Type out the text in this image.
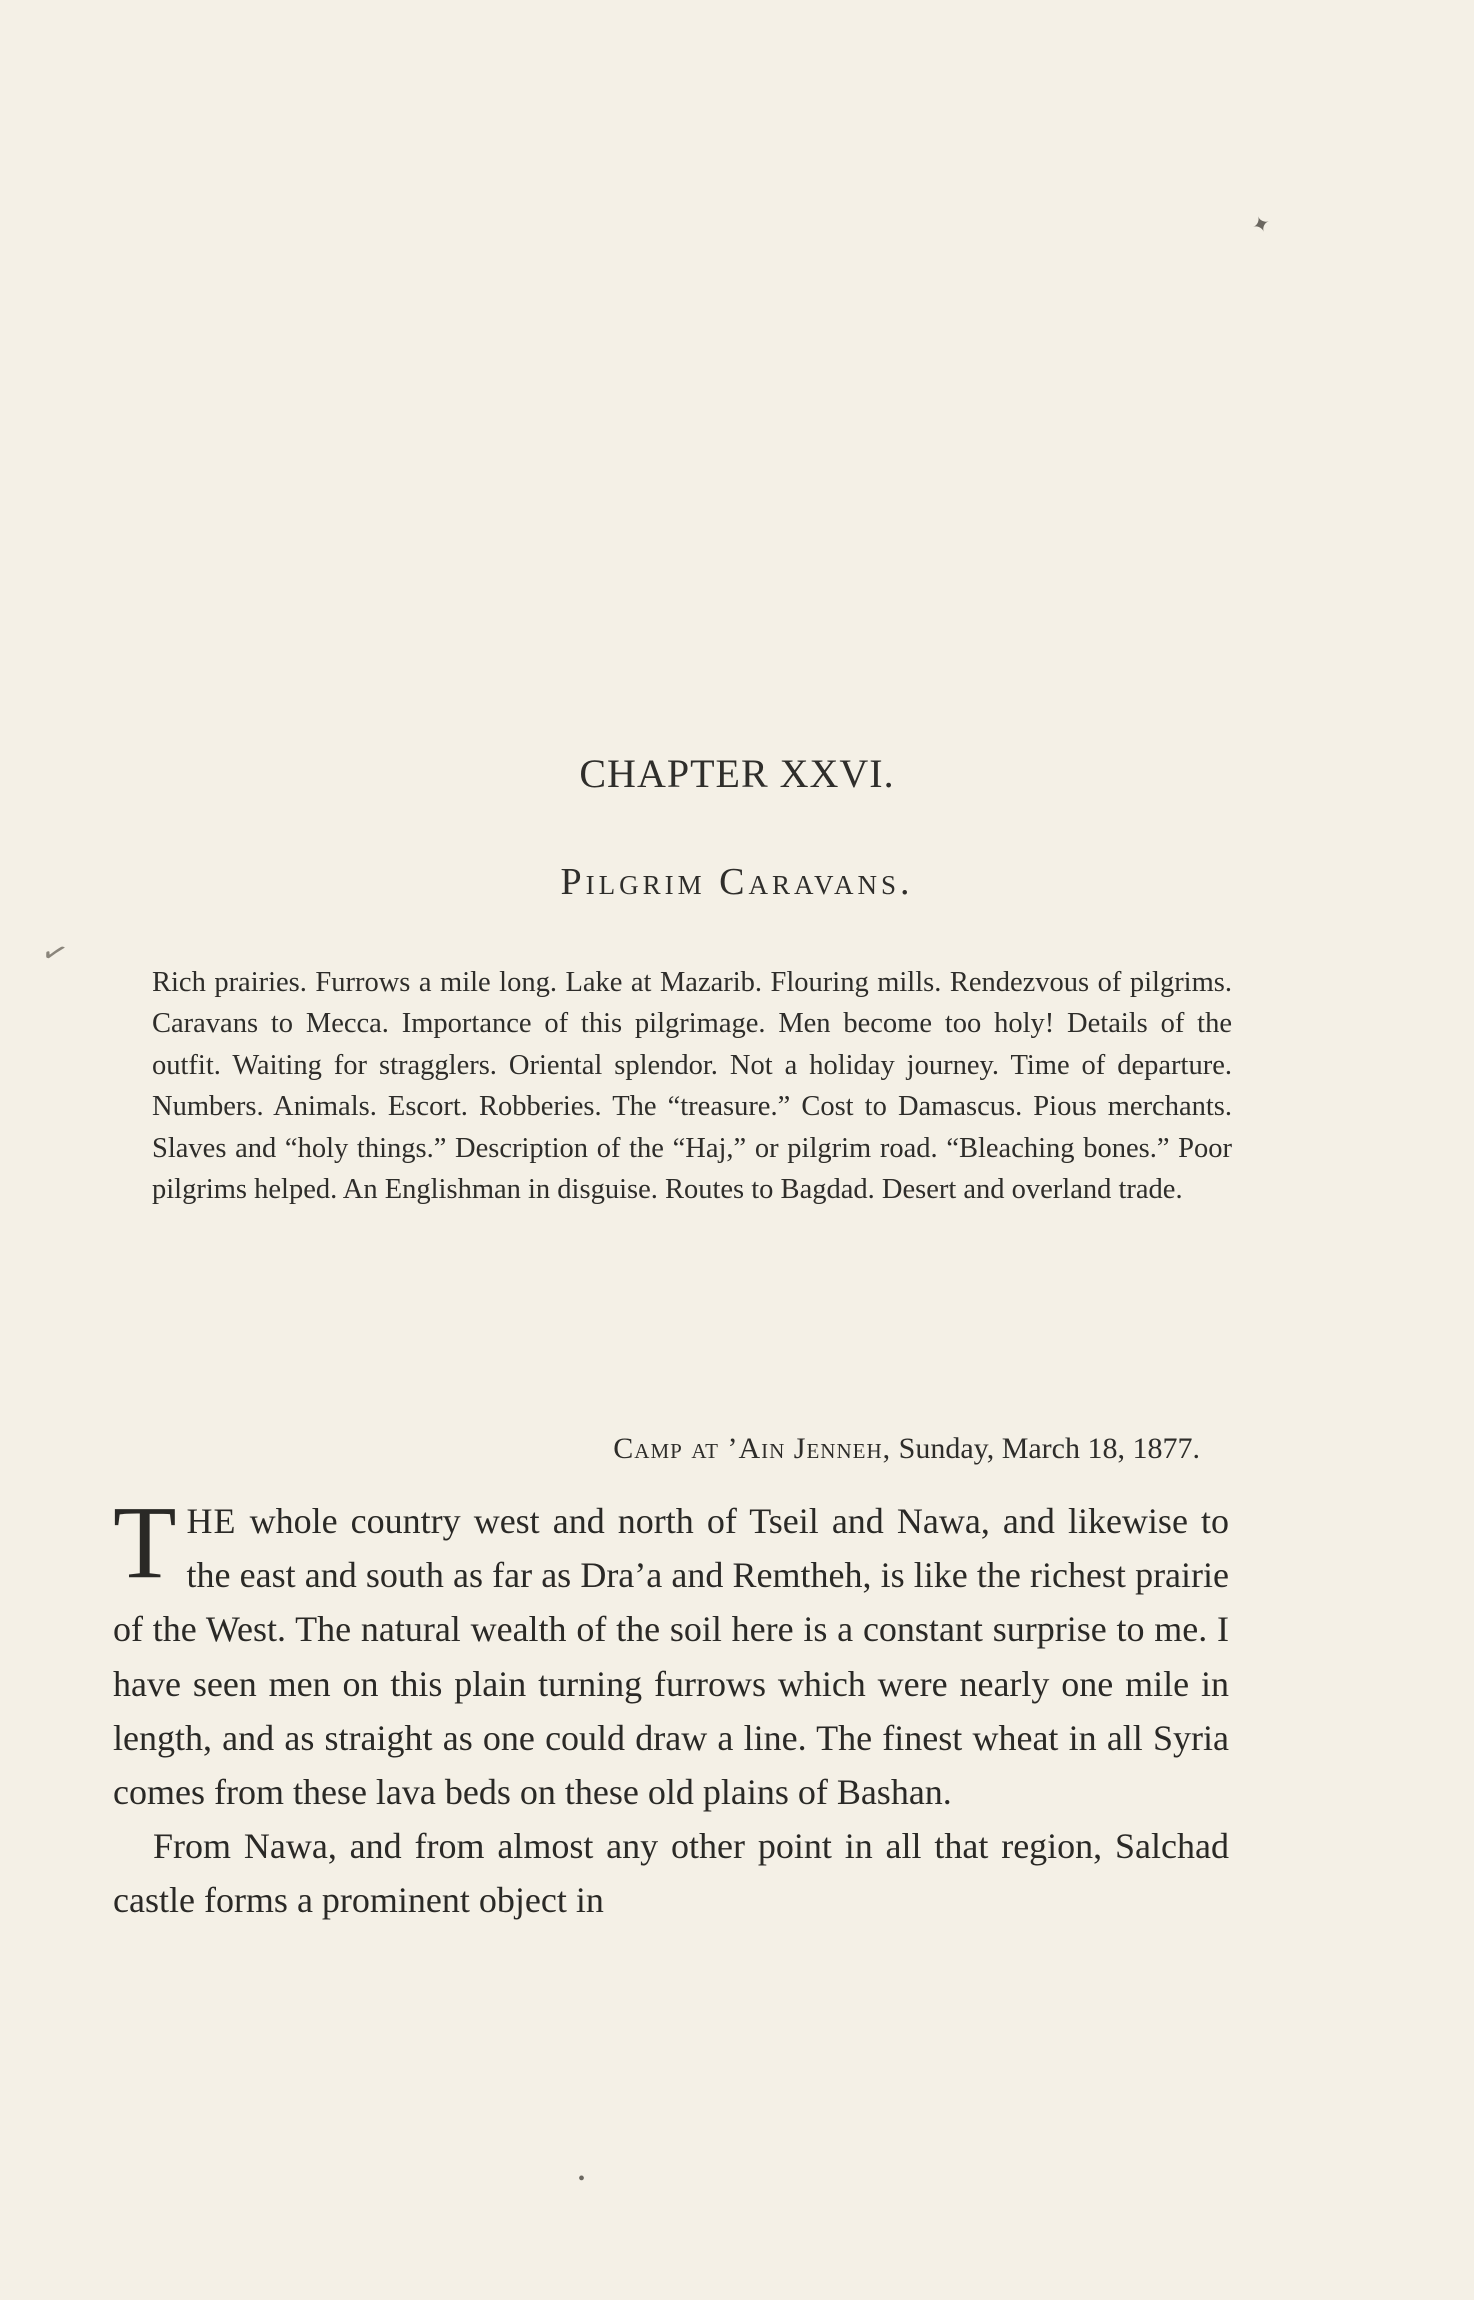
✦
✓
CHAPTER XXVI.
Pilgrim Caravans.
Rich prairies. Furrows a mile long. Lake at Mazarib. Flouring mills. Rendezvous of pilgrims. Caravans to Mecca. Importance of this pilgrimage. Men become too holy! Details of the outfit. Waiting for stragglers. Oriental splendor. Not a holiday journey. Time of departure. Numbers. Animals. Escort. Robberies. The “treasure.” Cost to Damascus. Pious merchants. Slaves and “holy things.” Description of the “Haj,” or pilgrim road. “Bleaching bones.” Poor pilgrims helped. An Englishman in disguise. Routes to Bagdad. Desert and overland trade.
Camp at ’Ain Jenneh, Sunday, March 18, 1877.

THE whole country west and north of Tseil and Nawa, and likewise to the east and south as far as Dra’a and Remtheh, is like the richest prairie of the West. The natural wealth of the soil here is a constant surprise to me. I have seen men on this plain turning furrows which were nearly one mile in length, and as straight as one could draw a line. The finest wheat in all Syria comes from these lava beds on these old plains of Bashan.

From Nawa, and from almost any other point in all that region, Salchad castle forms a prominent object in

•
